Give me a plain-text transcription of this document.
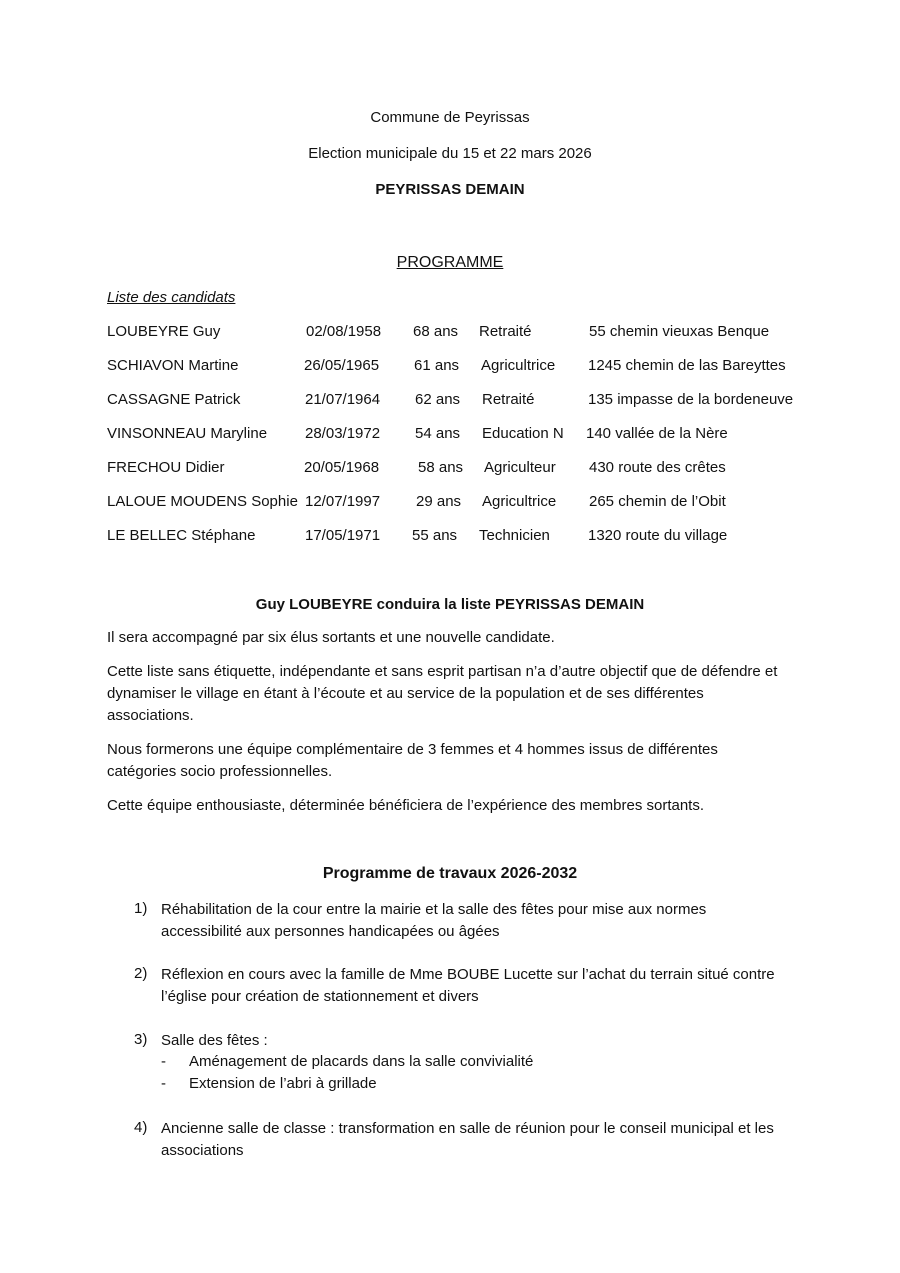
Commune de Peyrissas
Election municipale du 15 et 22 mars 2026
PEYRISSAS DEMAIN
PROGRAMME
Liste des candidats
LOUBEYRE Guy	02/08/1958 68 ans Retraité	55 chemin vieuxas Benque
SCHIAVON Martine	26/05/1965 61 ans Agricultrice 1245 chemin de las Bareyttes
CASSAGNE Patrick	21/07/1964 62 ans Retraité	135 impasse de la bordeneuve
VINSONNEAU Maryline	28/03/1972 54 ans Education N 140 vallée de la Nère
FRECHOU Didier	20/05/1968	58 ans Agriculteur 430 route des crêtes
LALOUE MOUDENS Sophie 12/07/1997 29 ans Agricultrice 265 chemin de l’Obit
LE BELLEC Stéphane	17/05/1971 55 ans Technicien	1320 route du village
Guy LOUBEYRE conduira la liste PEYRISSAS DEMAIN
Il sera accompagné par six élus sortants et une nouvelle candidate.
Cette liste sans étiquette, indépendante et sans esprit partisan n’a d’autre objectif que de défendre et
dynamiser le village en étant à l’écoute et au service de la population et de ses différentes
associations.
Nous formerons une équipe complémentaire de 3 femmes et 4 hommes issus de différentes
catégories socio professionnelles.
Cette équipe enthousiaste, déterminée bénéficiera de l’expérience des membres sortants.
Programme de travaux 2026-2032
1) Réhabilitation de la cour entre la mairie et la salle des fêtes pour mise aux normes
accessibilité aux personnes handicapées ou âgées
2) Réflexion en cours avec la famille de Mme BOUBE Lucette sur l’achat du terrain situé contre
l’église pour création de stationnement et divers
3) Salle des fêtes :
- Aménagement de placards dans la salle convivialité
- Extension de l’abri à grillade
4) Ancienne salle de classe : transformation en salle de réunion pour le conseil municipal et les
associations
